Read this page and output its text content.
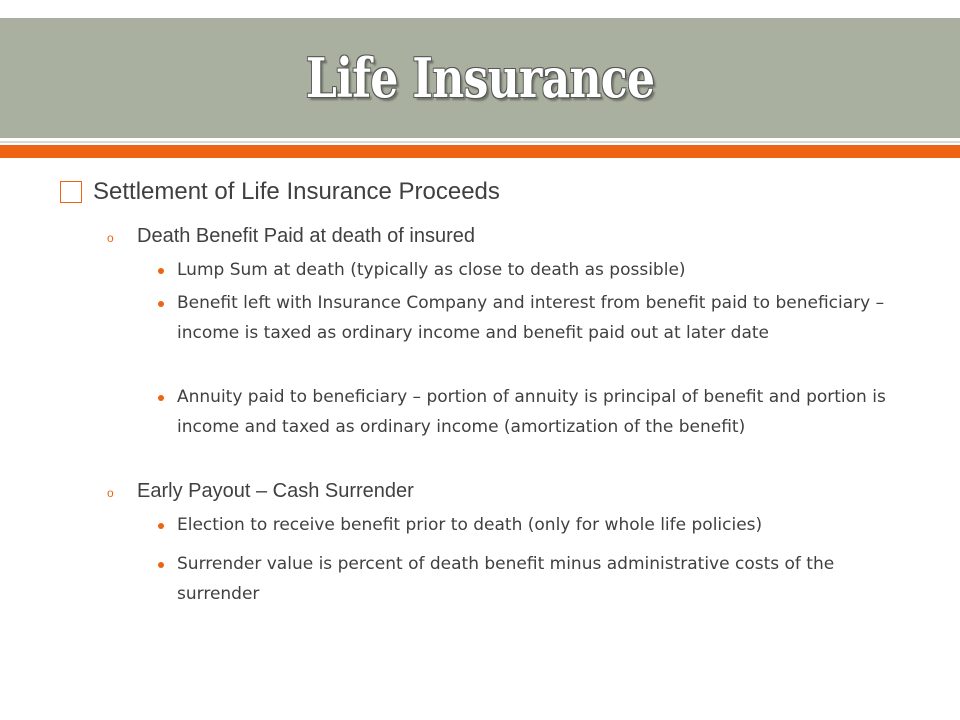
Life Insurance
Settlement of Life Insurance Proceeds
o Death Benefit Paid at death of insured
Lump Sum at death (typically as close to death as possible)
Benefit left with Insurance Company and interest from benefit paid to beneficiary – income is taxed as ordinary income and benefit paid out at later date
Annuity paid to beneficiary – portion of annuity is principal of benefit and portion is income and taxed as ordinary income (amortization of the benefit)
o Early Payout – Cash Surrender
Election to receive benefit prior to death (only for whole life policies)
Surrender value is percent of death benefit minus administrative costs of the surrender
